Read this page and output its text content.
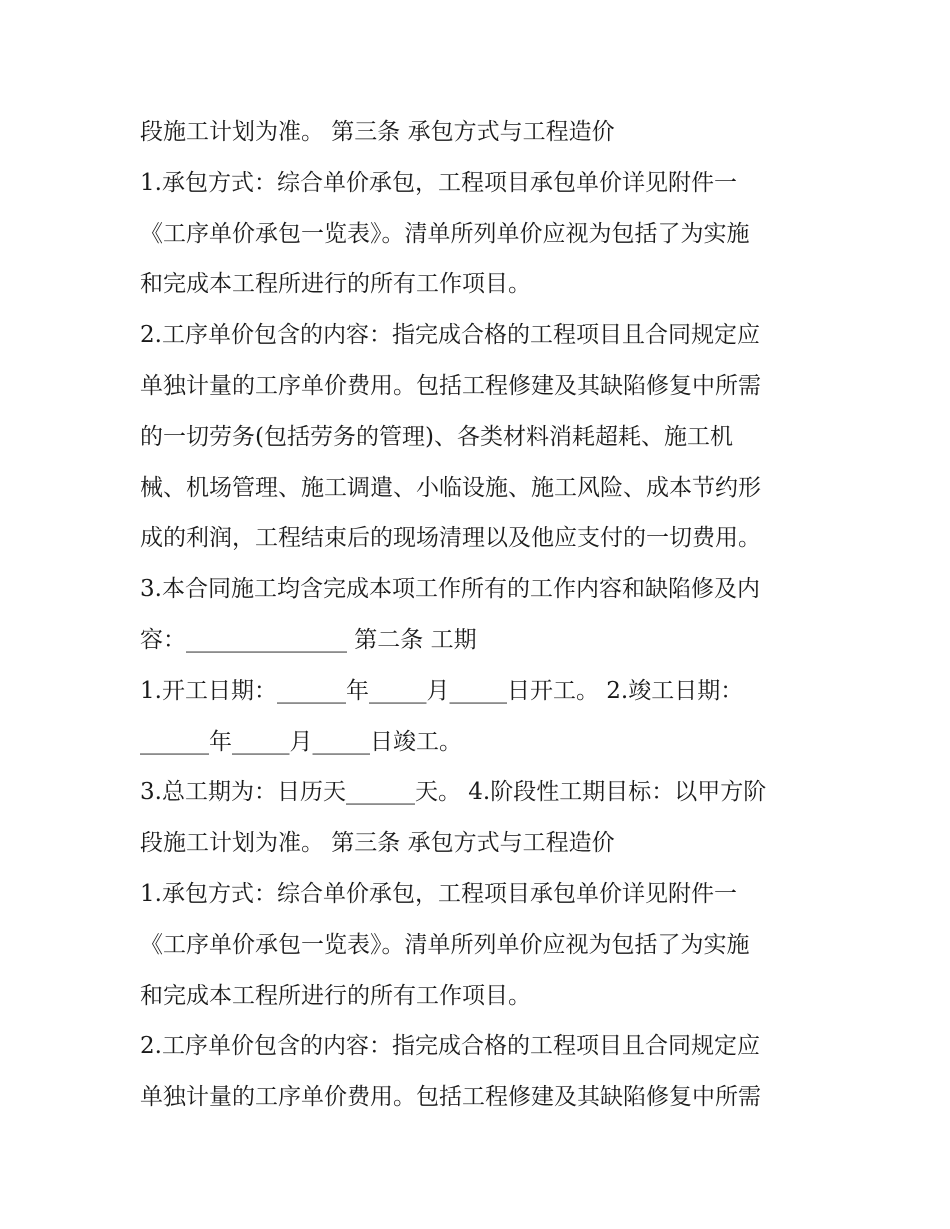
段施工计划为准。 第三条 承包方式与工程造价
1.承包方式：综合单价承包，工程项目承包单价详见附件一
《工序单价承包一览表》。清单所列单价应视为包括了为实施
和完成本工程所进行的所有工作项目。
2.工序单价包含的内容：指完成合格的工程项目且合同规定应
单独计量的工序单价费用。包括工程修建及其缺陷修复中所需
的一切劳务(包括劳务的管理)、各类材料消耗超耗、施工机
械、机场管理、施工调遣、小临设施、施工风险、成本节约形
成的利润，工程结束后的现场清理以及他应支付的一切费用。
3.本合同施工均含完成本项工作所有的工作内容和缺陷修及内
容：______________ 第二条 工期
1.开工日期：______年_____月_____日开工。 2.竣工日期：
______年_____月_____日竣工。
3.总工期为：日历天______天。 4.阶段性工期目标：以甲方阶
段施工计划为准。 第三条 承包方式与工程造价
1.承包方式：综合单价承包，工程项目承包单价详见附件一
《工序单价承包一览表》。清单所列单价应视为包括了为实施
和完成本工程所进行的所有工作项目。
2.工序单价包含的内容：指完成合格的工程项目且合同规定应
单独计量的工序单价费用。包括工程修建及其缺陷修复中所需
